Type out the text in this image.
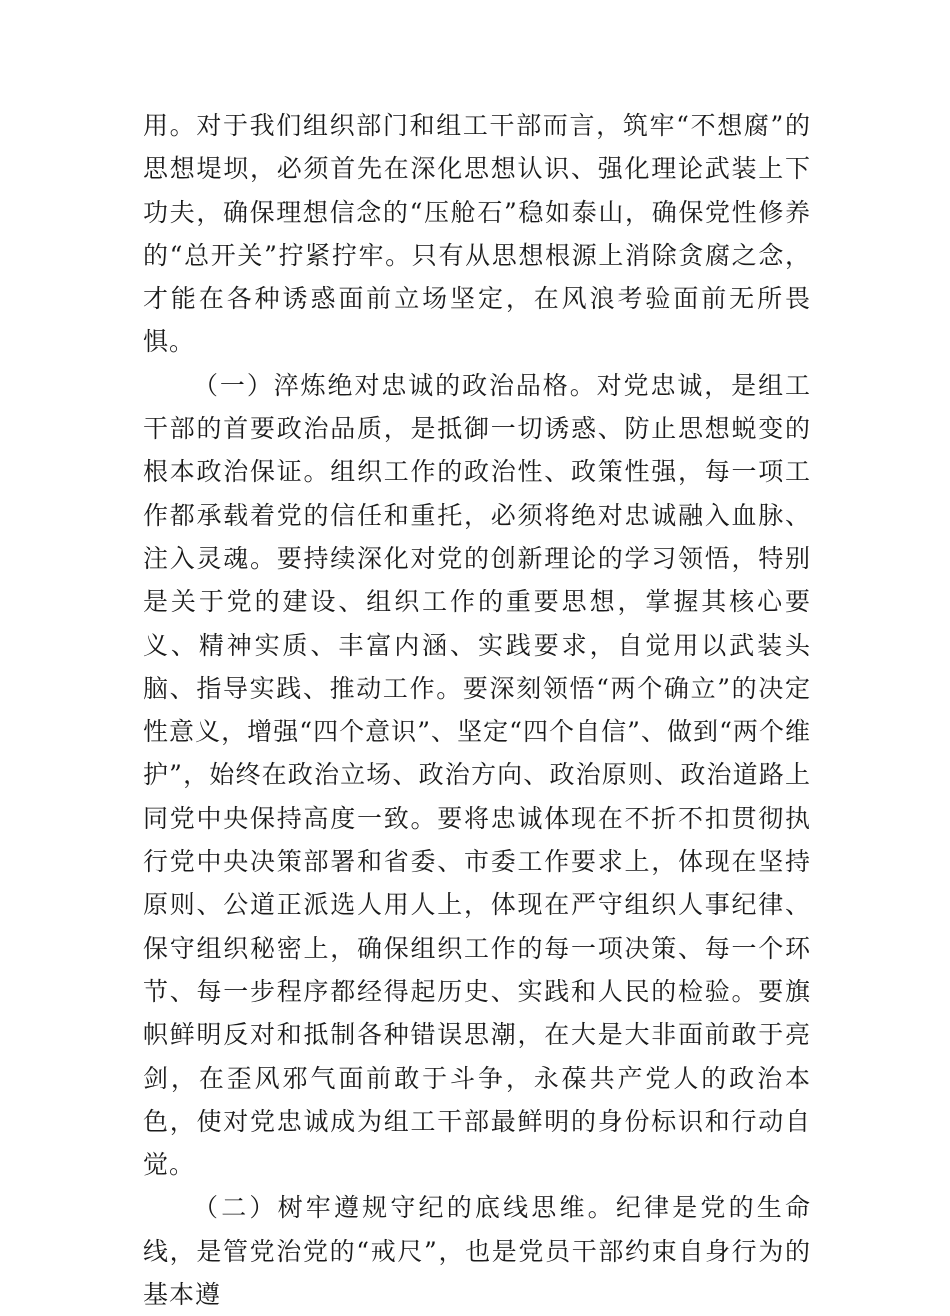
用。对于我们组织部门和组工干部而言，筑牢“不想腐”的思想堤坝，必须首先在深化思想认识、强化理论武装上下功夫，确保理想信念的“压舱石”稳如泰山，确保党性修养的“总开关”拧紧拧牢。只有从思想根源上消除贪腐之念，才能在各种诱惑面前立场坚定，在风浪考验面前无所畏惧。

（一）淬炼绝对忠诚的政治品格。对党忠诚，是组工干部的首要政治品质，是抵御一切诱惑、防止思想蜕变的根本政治保证。组织工作的政治性、政策性强，每一项工作都承载着党的信任和重托，必须将绝对忠诚融入血脉、注入灵魂。要持续深化对党的创新理论的学习领悟，特别是关于党的建设、组织工作的重要思想，掌握其核心要义、精神实质、丰富内涵、实践要求，自觉用以武装头脑、指导实践、推动工作。要深刻领悟“两个确立”的决定性意义，增强“四个意识”、坚定“四个自信”、做到“两个维护”，始终在政治立场、政治方向、政治原则、政治道路上同党中央保持高度一致。要将忠诚体现在不折不扣贯彻执行党中央决策部署和省委、市委工作要求上，体现在坚持原则、公道正派选人用人上，体现在严守组织人事纪律、保守组织秘密上，确保组织工作的每一项决策、每一个环节、每一步程序都经得起历史、实践和人民的检验。要旗帜鲜明反对和抵制各种错误思潮，在大是大非面前敢于亮剑，在歪风邪气面前敢于斗争，永葆共产党人的政治本色，使对党忠诚成为组工干部最鲜明的身份标识和行动自觉。

（二）树牢遵规守纪的底线思维。纪律是党的生命线，是管党治党的“戒尺”，也是党员干部约束自身行为的基本遵
